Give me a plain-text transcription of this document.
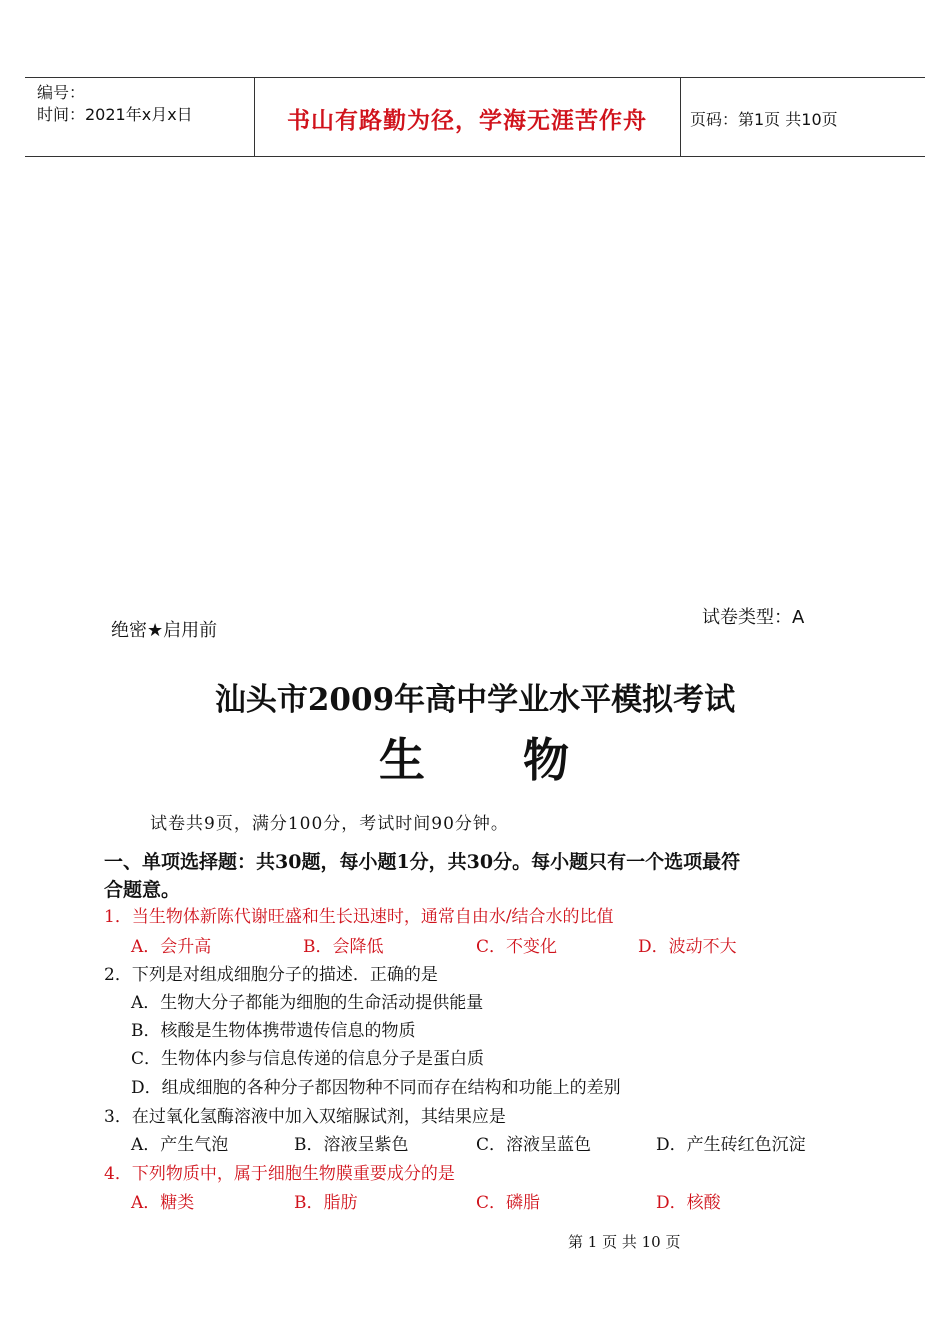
编号：
时间：2021年x月x日	书山有路勤为径，学海无涯苦作舟	页码：第1页 共10页
绝密★启用前
试卷类型：A
汕头市2009年高中学业水平模拟考试
生　　物
试卷共9页，满分100分，考试时间90分钟。
一、单项选择题：共30题，每小题1分，共30分。每小题只有一个选项最符
合题意。
1．当生物体新陈代谢旺盛和生长迅速时，通常自由水/结合水的比值
A．会升高	B．会降低	C．不变化	D．波动不大
2．下列是对组成细胞分子的描述．正确的是
A．生物大分子都能为细胞的生命活动提供能量
B．核酸是生物体携带遗传信息的物质
C．生物体内参与信息传递的信息分子是蛋白质
D．组成细胞的各种分子都因物种不同而存在结构和功能上的差别
3．在过氧化氢酶溶液中加入双缩脲试剂，其结果应是
A．产生气泡	B．溶液呈紫色	C．溶液呈蓝色	D．产生砖红色沉淀
4．下列物质中，属于细胞生物膜重要成分的是
A．糖类	B．脂肪	C．磷脂	D．核酸
第 1 页 共 10 页
